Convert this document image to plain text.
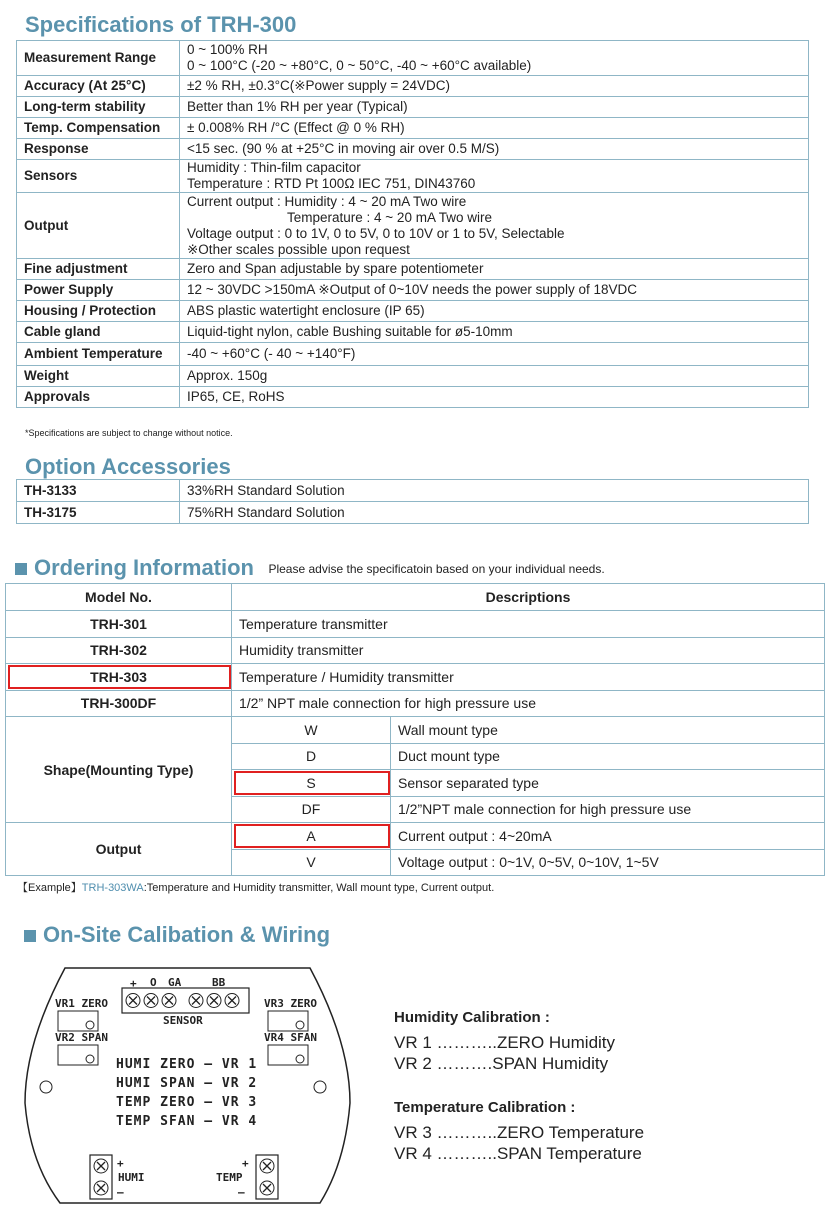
Specifications of TRH-300
Measurement Range	0 ~ 100% RH
0 ~ 100°C (-20 ~ +80°C, 0 ~ 50°C, -40 ~ +60°C available)

Accuracy (At 25°C)	±2 % RH, ±0.3°C(※Power supply = 24VDC)

Long-term stability	Better than 1% RH per year (Typical)

Temp. Compensation	± 0.008% RH /°C (Effect @ 0 % RH)

Response	<15 sec. (90 % at +25°C in moving air over 0.5 M/S)

Sensors	Humidity : Thin-film capacitor
Temperature : RTD Pt 100Ω IEC 751, DIN43760

Output	Current output : Humidity : 4 ~ 20 mA Two wire
Temperature : 4 ~ 20 mA Two wire
Voltage output : 0 to 1V, 0 to 5V, 0 to 10V or 1 to 5V, Selectable
※Other scales possible upon request

Fine adjustment	Zero and Span adjustable by spare potentiometer

Power Supply	12 ~ 30VDC >150mA ※Output of 0~10V needs the power supply of 18VDC

Housing / Protection	ABS plastic watertight enclosure (IP 65)

Cable gland	Liquid-tight nylon, cable Bushing suitable for ø5-10mm

Ambient Temperature	-40 ~ +60°C (- 40 ~ +140°F)

Weight	Approx. 150g

Approvals	IP65, CE, RoHS
*Specifications are subject to change without notice.
Option Accessories
TH-3133	33%RH Standard Solution
TH-3175	75%RH Standard Solution
Ordering Information Please advise the specificatoin based on your individual needs.
Model No.	Descriptions	
TRH-301	Temperature transmitter	
TRH-302	Humidity transmitter	
TRH-303	Temperature / Humidity transmitter	
TRH-300DF	1/2” NPT male connection for high pressure use	
Shape(Mounting Type)	W	Wall mount type
	D	Duct mount type
	S	Sensor separated type
	DF	1/2”NPT male connection for high pressure use
Output	A	Current output : 4~20mA
	V	Voltage output : 0~1V, 0~5V, 0~10V, 1~5V
【Example】TRH-303WA:Temperature and Humidity transmitter, Wall mount type, Current output.
On-Site Calibation & Wiring
+ O GA	BB
SENSOR
VR1 ZERO
VR2 SPAN
VR3 ZERO
VR4 SFAN
HUMI ZERO — VR 1
HUMI SPAN — VR 2
TEMP ZERO — VR 3
TEMP SFAN — VR 4
+
HUMI
—
+
TEMP
—
Humidity Calibration :
VR 1 ………..ZERO Humidity
VR 2 ……….SPAN Humidity
Temperature Calibration :
VR 3 ………..ZERO Temperature
VR 4 ………..SPAN Temperature
